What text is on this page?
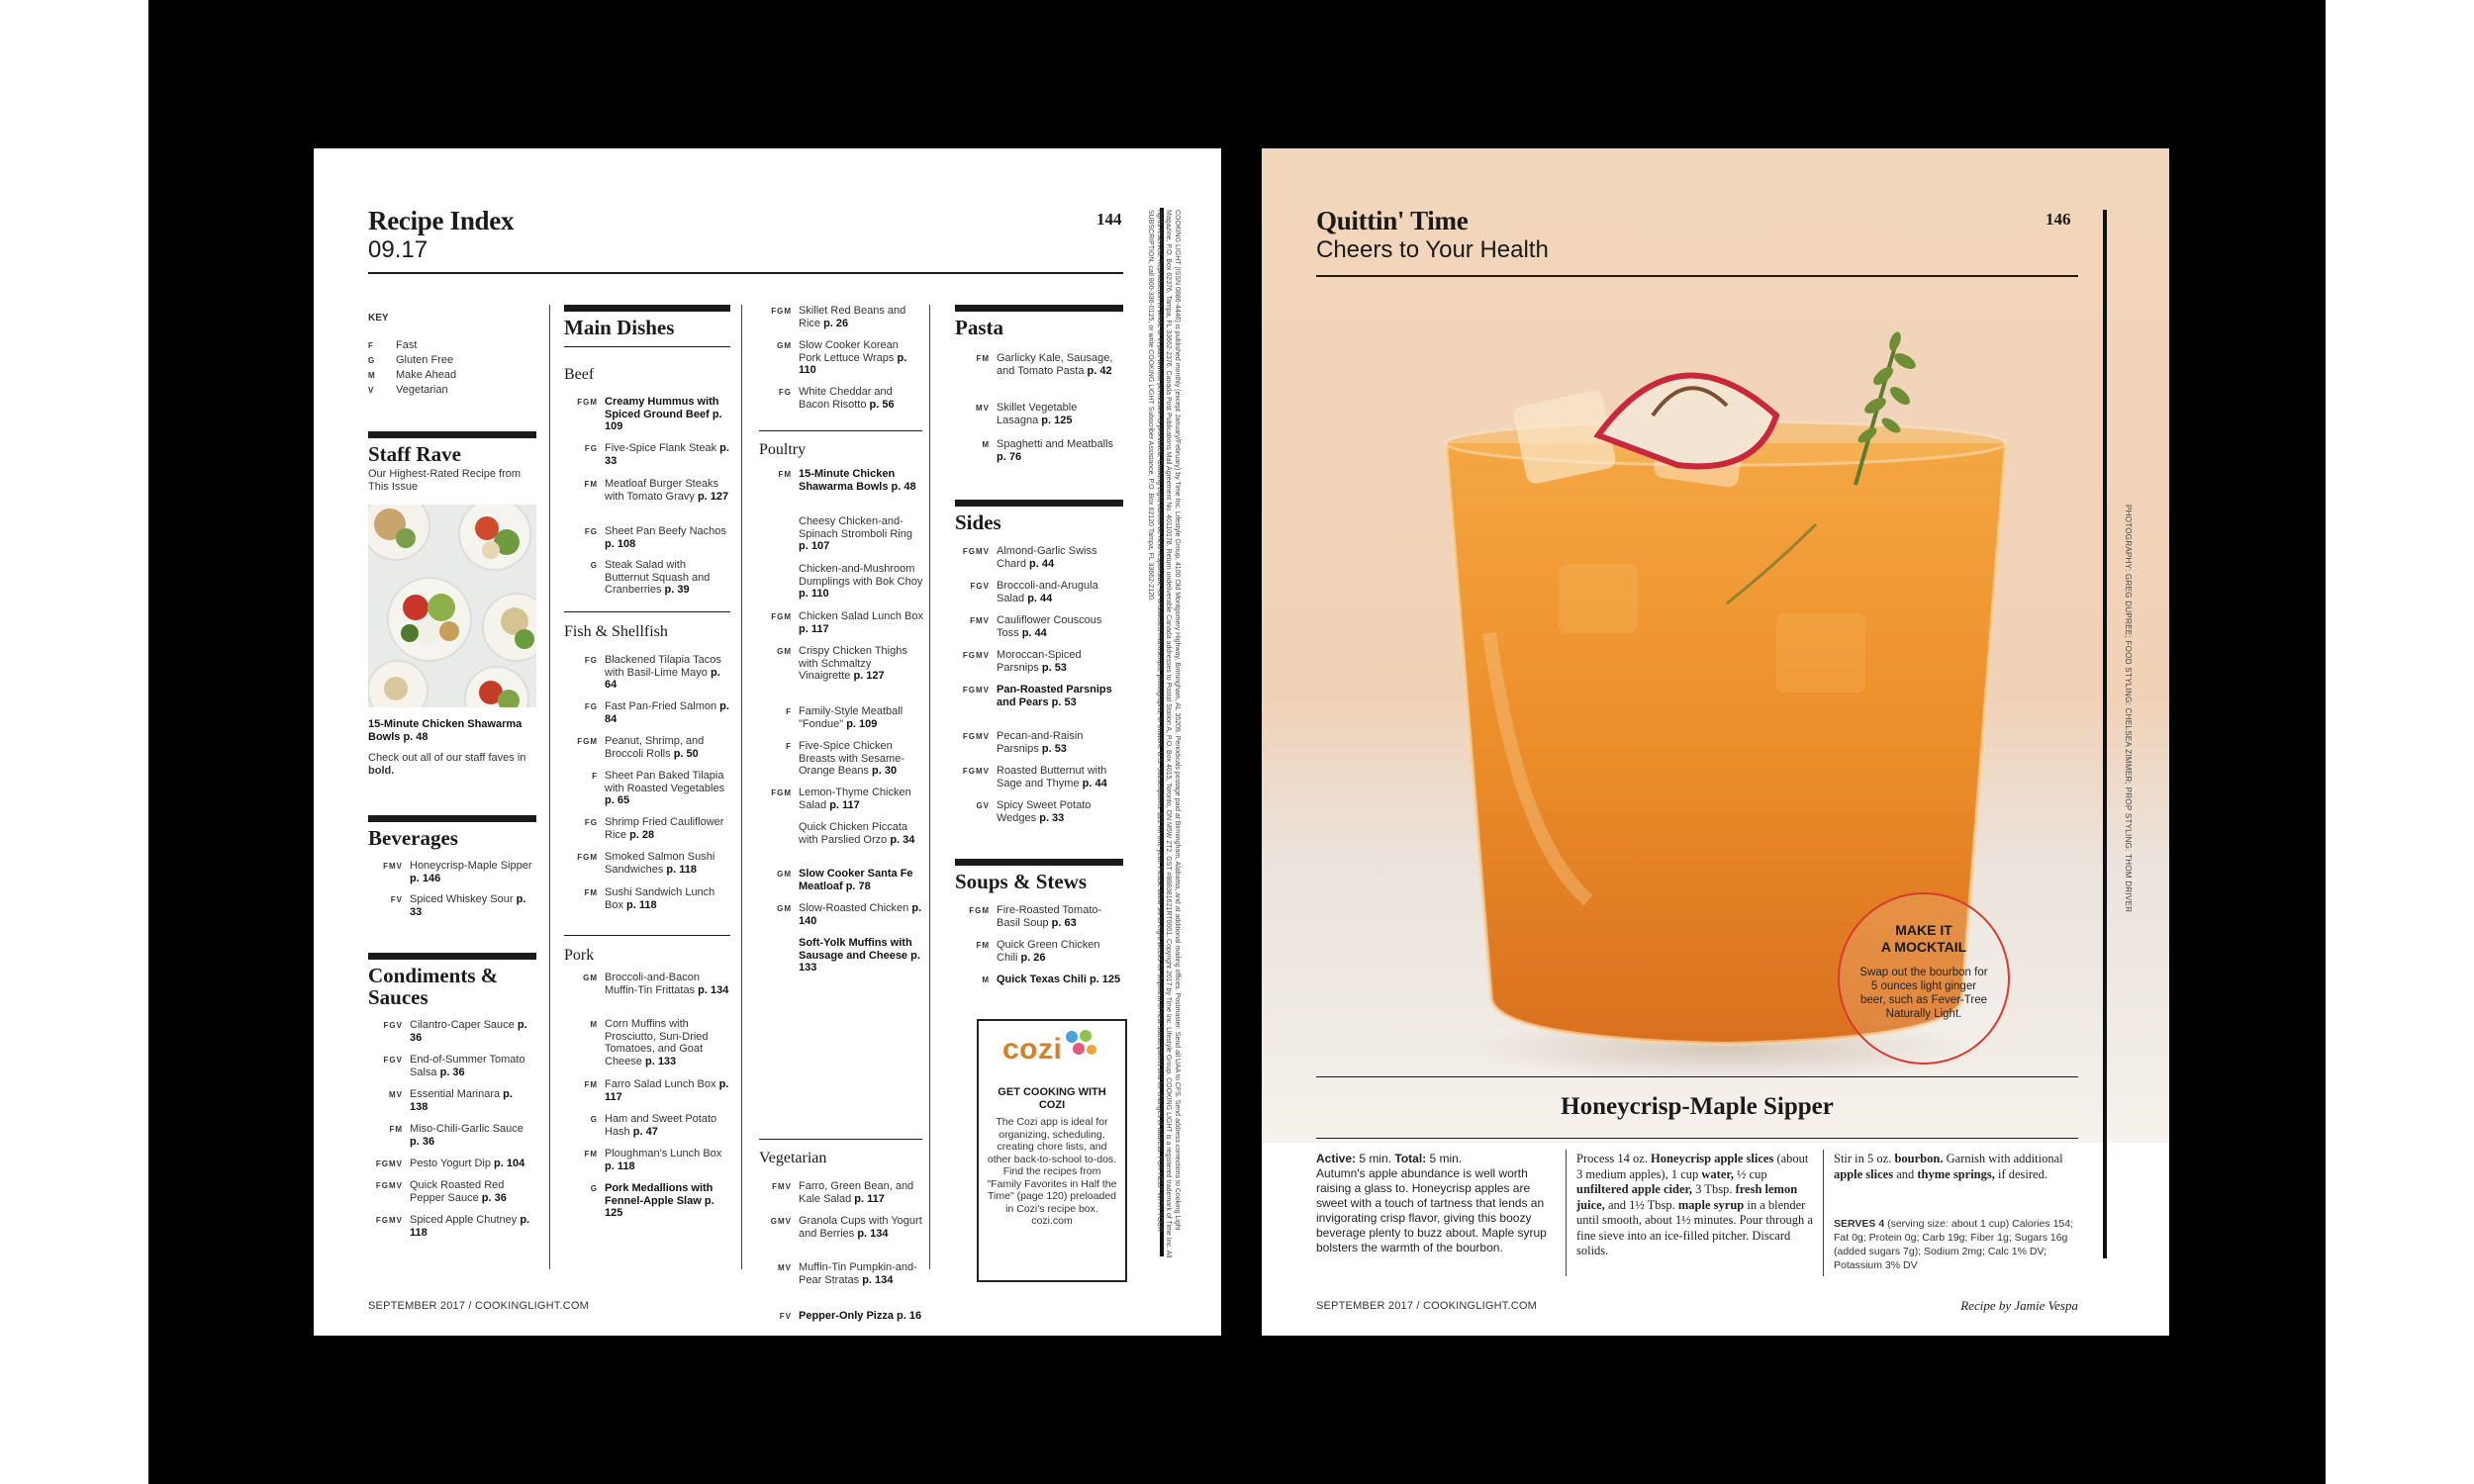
Recipe Index
09.17
144	COOKING LIGHT (ISSN 0886-4446) is published monthly (except January/February) by Time Inc. Lifestyle Group, 4100 Old Montgomery Highway, Birmingham, AL 35209. Periodicals postage paid at Birmingham, Alabama, and at additional mailing offices. Postmaster: Send all UAA to CFS. Send address corrections to Cooking Light Magazine, P.O. Box 62376, Tampa, FL 33662-2376. Canada Post Publications Mail Agreement No. 40110178. Return undeliverable Canada addresses to Postal Station A, P.O. Box 4015, Toronto, ON M5W 2T2. GST #888381621RT0001. Copyright 2017 by Time Inc. Lifestyle Group. COOKING LIGHT is a registered trademark of Time Inc. All rights reserved. Reproduction in whole or in part without permission is prohibited. Cooking Light cannot be held responsible for unsolicited manuscripts, photographs, or artwork. U.S. Subscriptions: $22 for one year. Please allow six to eight weeks for shipment of new subscriptions and for changes of address. FOR HELP WITH YOUR SUBSCRIPTION, call 800-336-0125, or write COOKING LIGHT Subscriber Assistance, P.O. Box 62120 Tampa, FL 33662-2120.
KEY
F Fast
G Gluten Free
M Make Ahead
V Vegetarian
Staff Rave
Our Highest-Rated Recipe from This Issue
15-Minute Chicken Shawarma Bowls p. 48
Check out all of our staff faves in bold.
Beverages
FMV Honeycrisp-Maple Sipper p. 146
FV Spiced Whiskey Sour p. 33
Condiments & Sauces
FGV Cilantro-Caper Sauce p. 36
FGV End-of-Summer Tomato Salsa p. 36
MV Essential Marinara p. 138
FM Miso-Chili-Garlic Sauce p. 36
FGMV Pesto Yogurt Dip p. 104
FGMV Quick Roasted Red Pepper Sauce p. 36
FGMV Spiced Apple Chutney p. 118
Main Dishes
Beef
FGM Creamy Hummus with Spiced Ground Beef p. 109
FG Five-Spice Flank Steak p. 33
FM Meatloaf Burger Steaks with Tomato Gravy p. 127
FG Sheet Pan Beefy Nachos p. 108
G Steak Salad with Butternut Squash and Cranberries p. 39
Fish & Shellfish
FG Blackened Tilapia Tacos with Basil-Lime Mayo p. 64
FG Fast Pan-Fried Salmon p. 84
FGM Peanut, Shrimp, and Broccoli Rolls p. 50
F Sheet Pan Baked Tilapia with Roasted Vegetables p. 65
FG Shrimp Fried Cauliflower Rice p. 28
FGM Smoked Salmon Sushi Sandwiches p. 118
FM Sushi Sandwich Lunch Box p. 118
Pork
GM Broccoli-and-Bacon Muffin-Tin Frittatas p. 134
M Corn Muffins with Prosciutto, Sun-Dried Tomatoes, and Goat Cheese p. 133
FM Farro Salad Lunch Box p. 117
G Ham and Sweet Potato Hash p. 47
FM Ploughman's Lunch Box p. 118
G Pork Medallions with Fennel-Apple Slaw p. 125
FGM Skillet Red Beans and Rice p. 26
GM Slow Cooker Korean Pork Lettuce Wraps p. 110
FG White Cheddar and Bacon Risotto p. 56
Poultry
FM 15-Minute Chicken Shawarma Bowls p. 48
Cheesy Chicken-and-Spinach Stromboli Ring p. 107
Chicken-and-Mushroom Dumplings with Bok Choy p. 110
FGM Chicken Salad Lunch Box p. 117
GM Crispy Chicken Thighs with Schmaltzy Vinaigrette p. 127
F Family-Style Meatball "Fondue" p. 109
F Five-Spice Chicken Breasts with Sesame-Orange Beans p. 30
FGM Lemon-Thyme Chicken Salad p. 117
Quick Chicken Piccata with Parslied Orzo p. 34
GM Slow Cooker Santa Fe Meatloaf p. 78
GM Slow-Roasted Chicken p. 140
Soft-Yolk Muffins with Sausage and Cheese p. 133
Vegetarian
FMV Farro, Green Bean, and Kale Salad p. 117
GMV Granola Cups with Yogurt and Berries p. 134
MV Muffin-Tin Pumpkin-and-Pear Stratas p. 134
FV Pepper-Only Pizza p. 16
Pasta
FM Garlicky Kale, Sausage, and Tomato Pasta p. 42
MV Skillet Vegetable Lasagna p. 125
M Spaghetti and Meatballs p. 76
Sides
FGMV Almond-Garlic Swiss Chard p. 44
FGV Broccoli-and-Arugula Salad p. 44
FMV Cauliflower Couscous Toss p. 44
FGMV Moroccan-Spiced Parsnips p. 53
FGMV Pan-Roasted Parsnips and Pears p. 53
FGMV Pecan-and-Raisin Parsnips p. 53
FGMV Roasted Butternut with Sage and Thyme p. 44
GV Spicy Sweet Potato Wedges p. 33
Soups & Stews
FGM Fire-Roasted Tomato-Basil Soup p. 63
FM Quick Green Chicken Chili p. 26
M Quick Texas Chili p. 125
cozi
GET COOKING WITH COZI
The Cozi app is ideal for organizing, scheduling, creating chore lists, and other back-to-school to-dos. Find the recipes from "Family Favorites in Half the Time" (page 120) preloaded in Cozi's recipe box. cozi.com
SEPTEMBER 2017 / COOKINGLIGHT.COM
Quittin' Time
Cheers to Your Health
146
PHOTOGRAPHY: GREG DUPREE; FOOD STYLING: CHELSEA ZIMMER; PROP STYLING: THOM DRIVER
MAKE IT
A MOCKTAIL
Swap out the bourbon for 5 ounces light ginger beer, such as Fever-Tree Naturally Light.
Honeycrisp-Maple Sipper
Active: 5 min. Total: 5 min.
Autumn's apple abundance is well worth raising a glass to. Honeycrisp apples are sweet with a touch of tartness that lends an invigorating crisp flavor, giving this boozy beverage plenty to buzz about. Maple syrup bolsters the warmth of the bourbon.
Process 14 oz. Honeycrisp apple slices (about 3 medium apples), 1 cup water, ½ cup unfiltered apple cider, 3 Tbsp. fresh lemon juice, and 1½ Tbsp. maple syrup in a blender until smooth, about 1½ minutes. Pour through a fine sieve into an ice-filled pitcher. Discard solids.
Stir in 5 oz. bourbon. Garnish with additional apple slices and thyme springs, if desired.
SERVES 4 (serving size: about 1 cup) Calories 154; Fat 0g; Protein 0g; Carb 19g; Fiber 1g; Sugars 16g (added sugars 7g); Sodium 2mg; Calc 1% DV; Potassium 3% DV
SEPTEMBER 2017 / COOKINGLIGHT.COM	Recipe by Jamie Vespa
